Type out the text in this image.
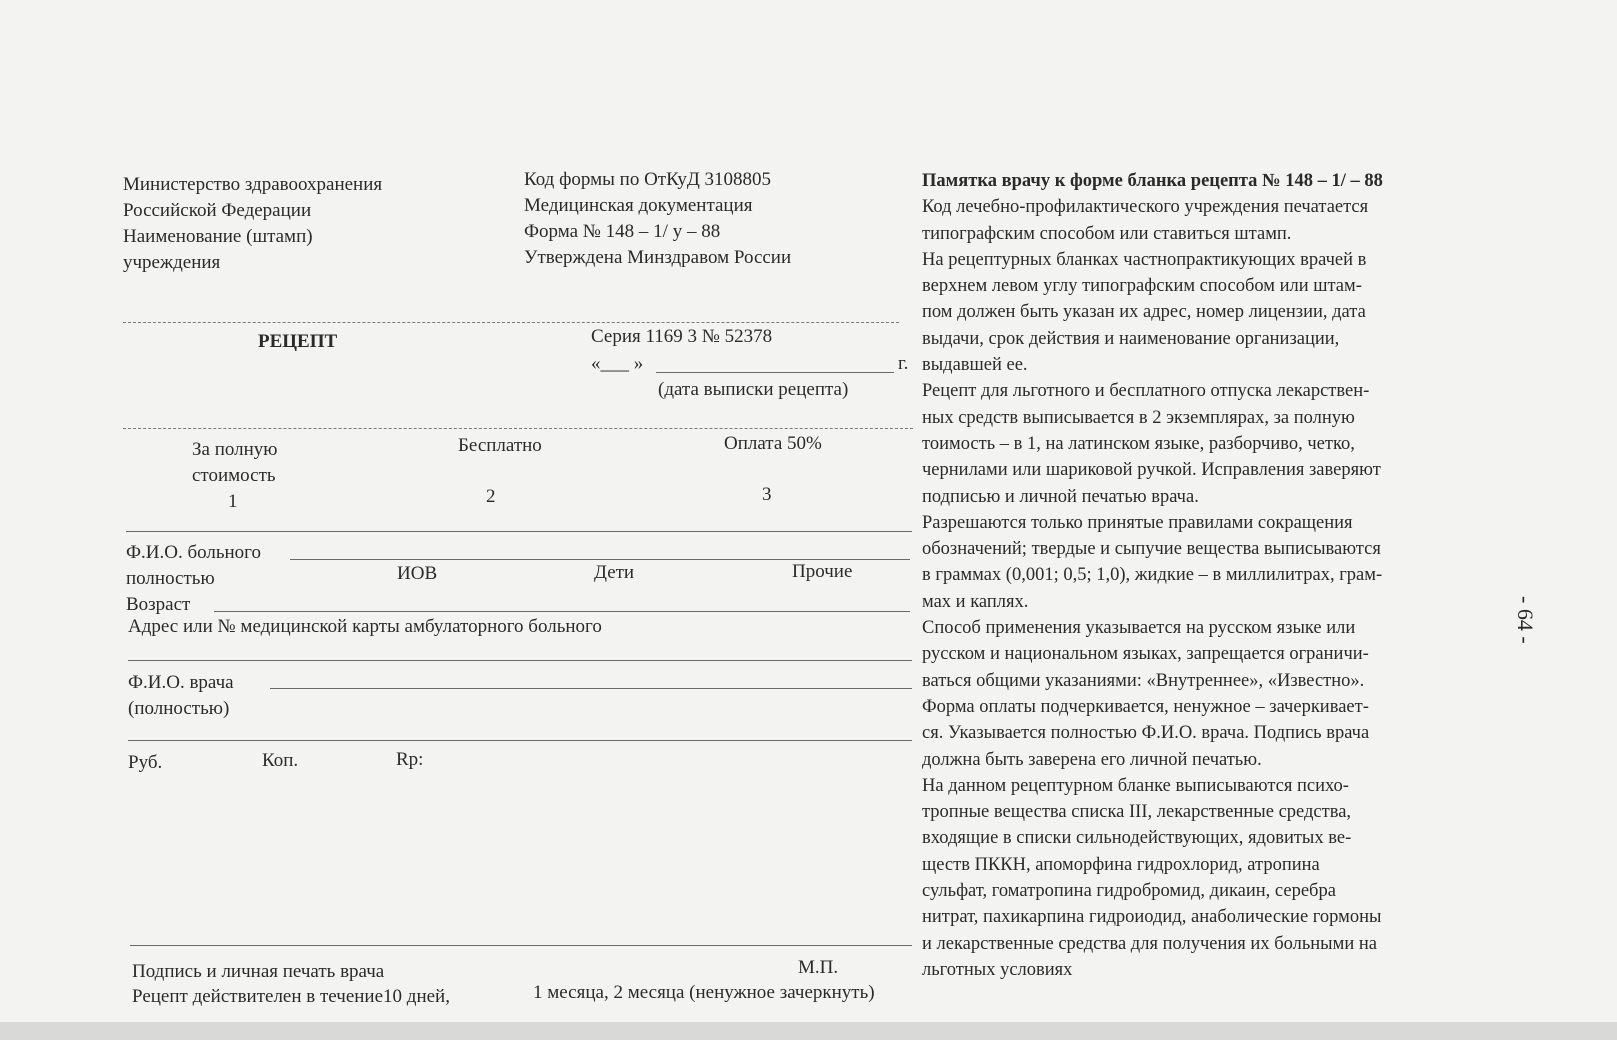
Министерство здравоохранения
Российской Федерации
Наименование (штамп)
учреждения
Код формы по ОтКуД 3108805
Медицинская документация
Форма № 148 – 1/ у – 88
Утверждена Минздравом России
РЕЦЕПТ	Серия 1169 3 № 52378
«___ »	г.
(дата выписки рецепта)
За полную
стоимость
1
Бесплатно
2
Оплата 50%
3
Ф.И.О. больного
полностью	ИОВ	Дети	Прочие
Возраст
Адрес или № медицинской карты амбулаторного больного
Ф.И.О. врача
(полностью)
Руб.	Коп.	Rp:
Подпись и личная печать врача	М.П.
Рецепт действителен в течение10 дней,	1 месяца, 2 месяца (ненужное зачеркнуть)
Памятка врачу к форме бланка рецепта № 148 – 1/ – 88
Код лечебно-профилактического учреждения печатается
типографским способом или ставиться штамп.
На рецептурных бланках частнопрактикующих врачей в
верхнем левом углу типографским способом или штам-
пом должен быть указан их адрес, номер лицензии, дата
выдачи, срок действия и наименование организации,
выдавшей ее.
Рецепт для льготного и бесплатного отпуска лекарствен-
ных средств выписывается в 2 экземплярах, за полную
тоимость – в 1, на латинском языке, разборчиво, четко,
чернилами или шариковой ручкой. Исправления заверяют
подписью и личной печатью врача.
Разрешаются только принятые правилами сокращения
обозначений; твердые и сыпучие вещества выписываются
в граммах (0,001; 0,5; 1,0), жидкие – в миллилитрах, грам-
мах и каплях.
Способ применения указывается на русском языке или
русском и национальном языках, запрещается ограничи-
ваться общими указаниями: «Внутреннее», «Известно».
Форма оплаты подчеркивается, ненужное – зачеркивает-
ся. Указывается полностью Ф.И.О. врача. Подпись врача
должна быть заверена его личной печатью.
На данном рецептурном бланке выписываются психо-
тропные вещества списка III, лекарственные средства,
входящие в списки сильнодействующих, ядовитых ве-
ществ ПККН, апоморфина гидрохлорид, атропина
сульфат, гоматропина гидробромид, дикаин, серебра
нитрат, пахикарпина гидроиодид, анаболические гормоны
и лекарственные средства для получения их больными на
льготных условиях
- 64 -
